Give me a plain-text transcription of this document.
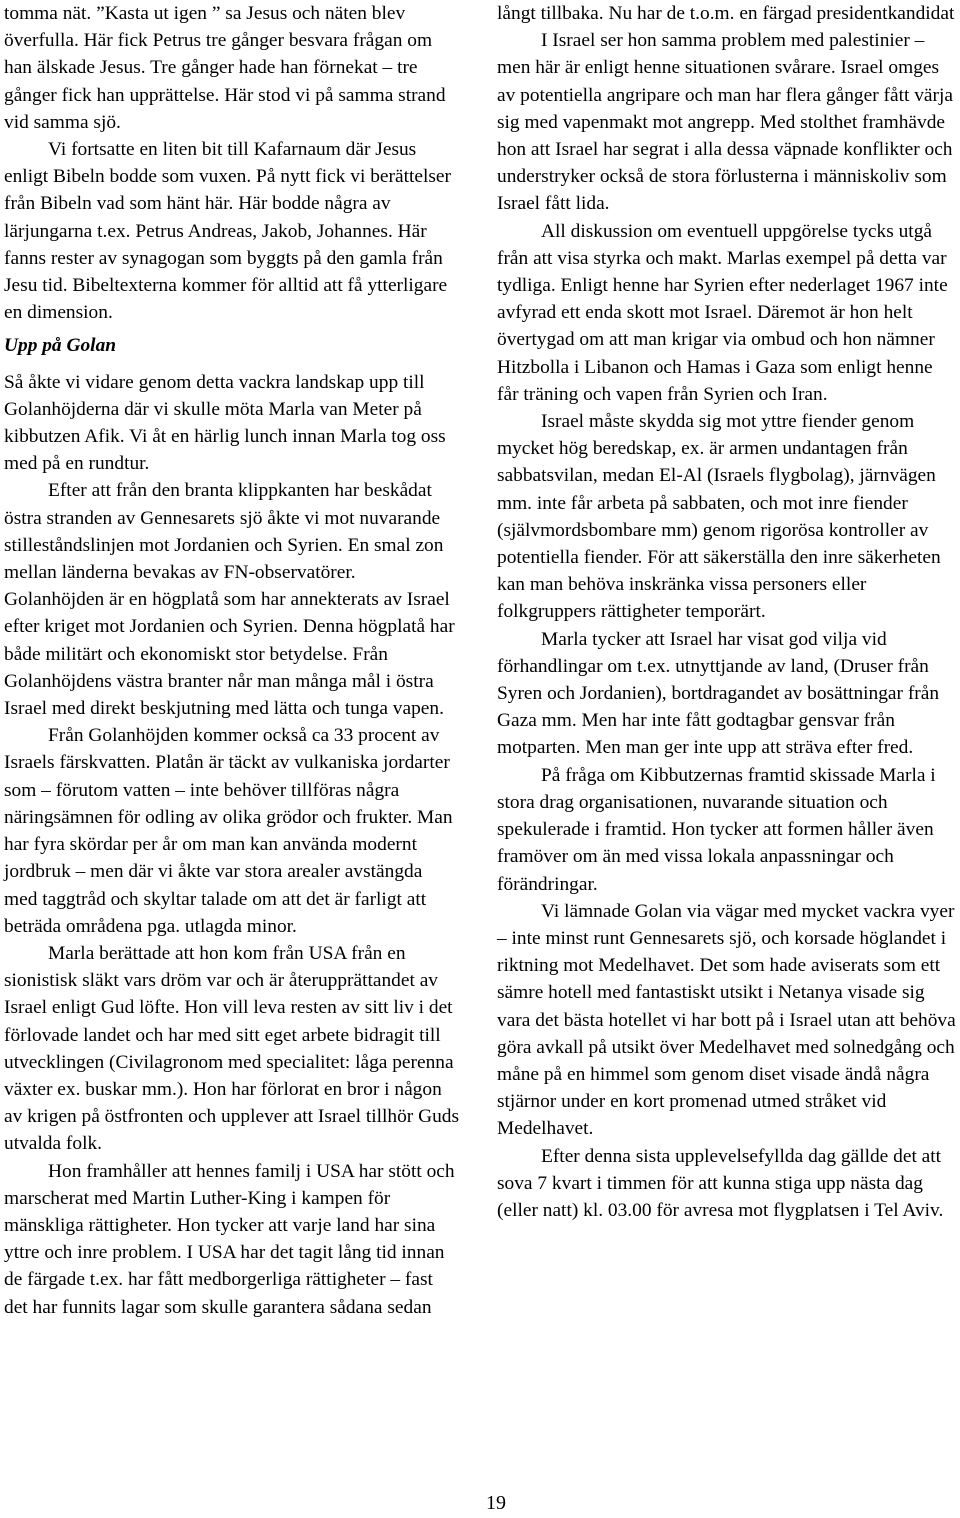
tomma nät. ”Kasta ut igen ” sa Jesus och näten blev överfulla. Här fick Petrus tre gånger besvara frågan om han älskade Jesus. Tre gånger hade han förnekat – tre gånger fick han upprättelse. Här stod vi på samma strand vid samma sjö.

Vi fortsatte en liten bit till Kafarnaum där Jesus enligt Bibeln bodde som vuxen. På nytt fick vi berättelser från Bibeln vad som hänt här. Här bodde några av lärjungarna t.ex. Petrus Andreas, Jakob, Johannes. Här fanns rester av synagogan som byggts på den gamla från Jesu tid. Bibeltexterna kommer för alltid att få ytterligare en dimension.

Upp på Golan

Så åkte vi vidare genom detta vackra landskap upp till Golanhöjderna där vi skulle möta Marla van Meter på kibbutzen Afik. Vi åt en härlig lunch innan Marla tog oss med på en rundtur.

Efter att från den branta klippkanten har beskådat östra stranden av Gennesarets sjö åkte vi mot nuvarande stilleståndslinjen mot Jordanien och Syrien. En smal zon mellan länderna bevakas av FN-observatörer. Golanhöjden är en högplatå som har annekterats av Israel efter kriget mot Jordanien och Syrien. Denna högplatå har både militärt och ekonomiskt stor betydelse. Från Golanhöjdens västra branter når man många mål i östra Israel med direkt beskjutning med lätta och tunga vapen.

Från Golanhöjden kommer också ca 33 procent av Israels färskvatten. Platån är täckt av vulkaniska jordarter som – förutom vatten – inte behöver tillföras några näringsämnen för odling av olika grödor och frukter. Man har fyra skördar per år om man kan använda modernt jordbruk – men där vi åkte var stora arealer avstängda med taggtråd och skyltar talade om att det är farligt att beträda områdena pga. utlagda minor.

Marla berättade att hon kom från USA från en sionistisk släkt vars dröm var och är återupprättandet av Israel enligt Gud löfte. Hon vill leva resten av sitt liv i det förlovade landet och har med sitt eget arbete bidragit till utvecklingen (Civilagronom med specialitet: låga perenna växter ex. buskar mm.). Hon har förlorat en bror i någon av krigen på östfronten och upplever att Israel tillhör Guds utvalda folk.

Hon framhåller att hennes familj i USA har stött och marscherat med Martin Luther-King i kampen för mänskliga rättigheter. Hon tycker att varje land har sina yttre och inre problem. I USA har det tagit lång tid innan de färgade t.ex. har fått medborgerliga rättigheter – fast det har funnits lagar som skulle garantera sådana sedan

långt tillbaka. Nu har de t.o.m. en färgad presidentkandidat

I Israel ser hon samma problem med palestinier – men här är enligt henne situationen svårare. Israel omges av potentiella angripare och man har flera gånger fått värja sig med vapenmakt mot angrepp. Med stolthet framhävde hon att Israel har segrat i alla dessa väpnade konflikter och understryker också de stora förlusterna i människoliv som Israel fått lida.

All diskussion om eventuell uppgörelse tycks utgå från att visa styrka och makt. Marlas exempel på detta var tydliga. Enligt henne har Syrien efter nederlaget 1967 inte avfyrad ett enda skott mot Israel. Däremot är hon helt övertygad om att man krigar via ombud och hon nämner Hitzbolla i Libanon och Hamas i Gaza som enligt henne får träning och vapen från Syrien och Iran.

Israel måste skydda sig mot yttre fiender genom mycket hög beredskap, ex. är armen undantagen från sabbatsvilan, medan El-Al (Israels flygbolag), järnvägen mm. inte får arbeta på sabbaten, och mot inre fiender (självmordsbombare mm) genom rigorösa kontroller av potentiella fiender. För att säkerställa den inre säkerheten kan man behöva inskränka vissa personers eller folkgruppers rättigheter temporärt.

Marla tycker att Israel har visat god vilja vid förhandlingar om t.ex. utnyttjande av land, (Druser från Syren och Jordanien), bortdragandet av bosättningar från Gaza mm. Men har inte fått godtagbar gensvar från motparten. Men man ger inte upp att sträva efter fred.

På fråga om Kibbutzernas framtid skissade Marla i stora drag organisationen, nuvarande situation och spekulerade i framtid. Hon tycker att formen håller även framöver om än med vissa lokala anpassningar och förändringar.

Vi lämnade Golan via vägar med mycket vackra vyer – inte minst runt Gennesarets sjö, och korsade höglandet i riktning mot Medelhavet. Det som hade aviserats som ett sämre hotell med fantastiskt utsikt i Netanya visade sig vara det bästa hotellet vi har bott på i Israel utan att behöva göra avkall på utsikt över Medelhavet med solnedgång och måne på en himmel som genom diset visade ändå några stjärnor under en kort promenad utmed stråket vid Medelhavet.

Efter denna sista upplevelsefyllda dag gällde det att sova 7 kvart i timmen för att kunna stiga upp nästa dag (eller natt) kl. 03.00 för avresa mot flygplatsen i Tel Aviv.

19
